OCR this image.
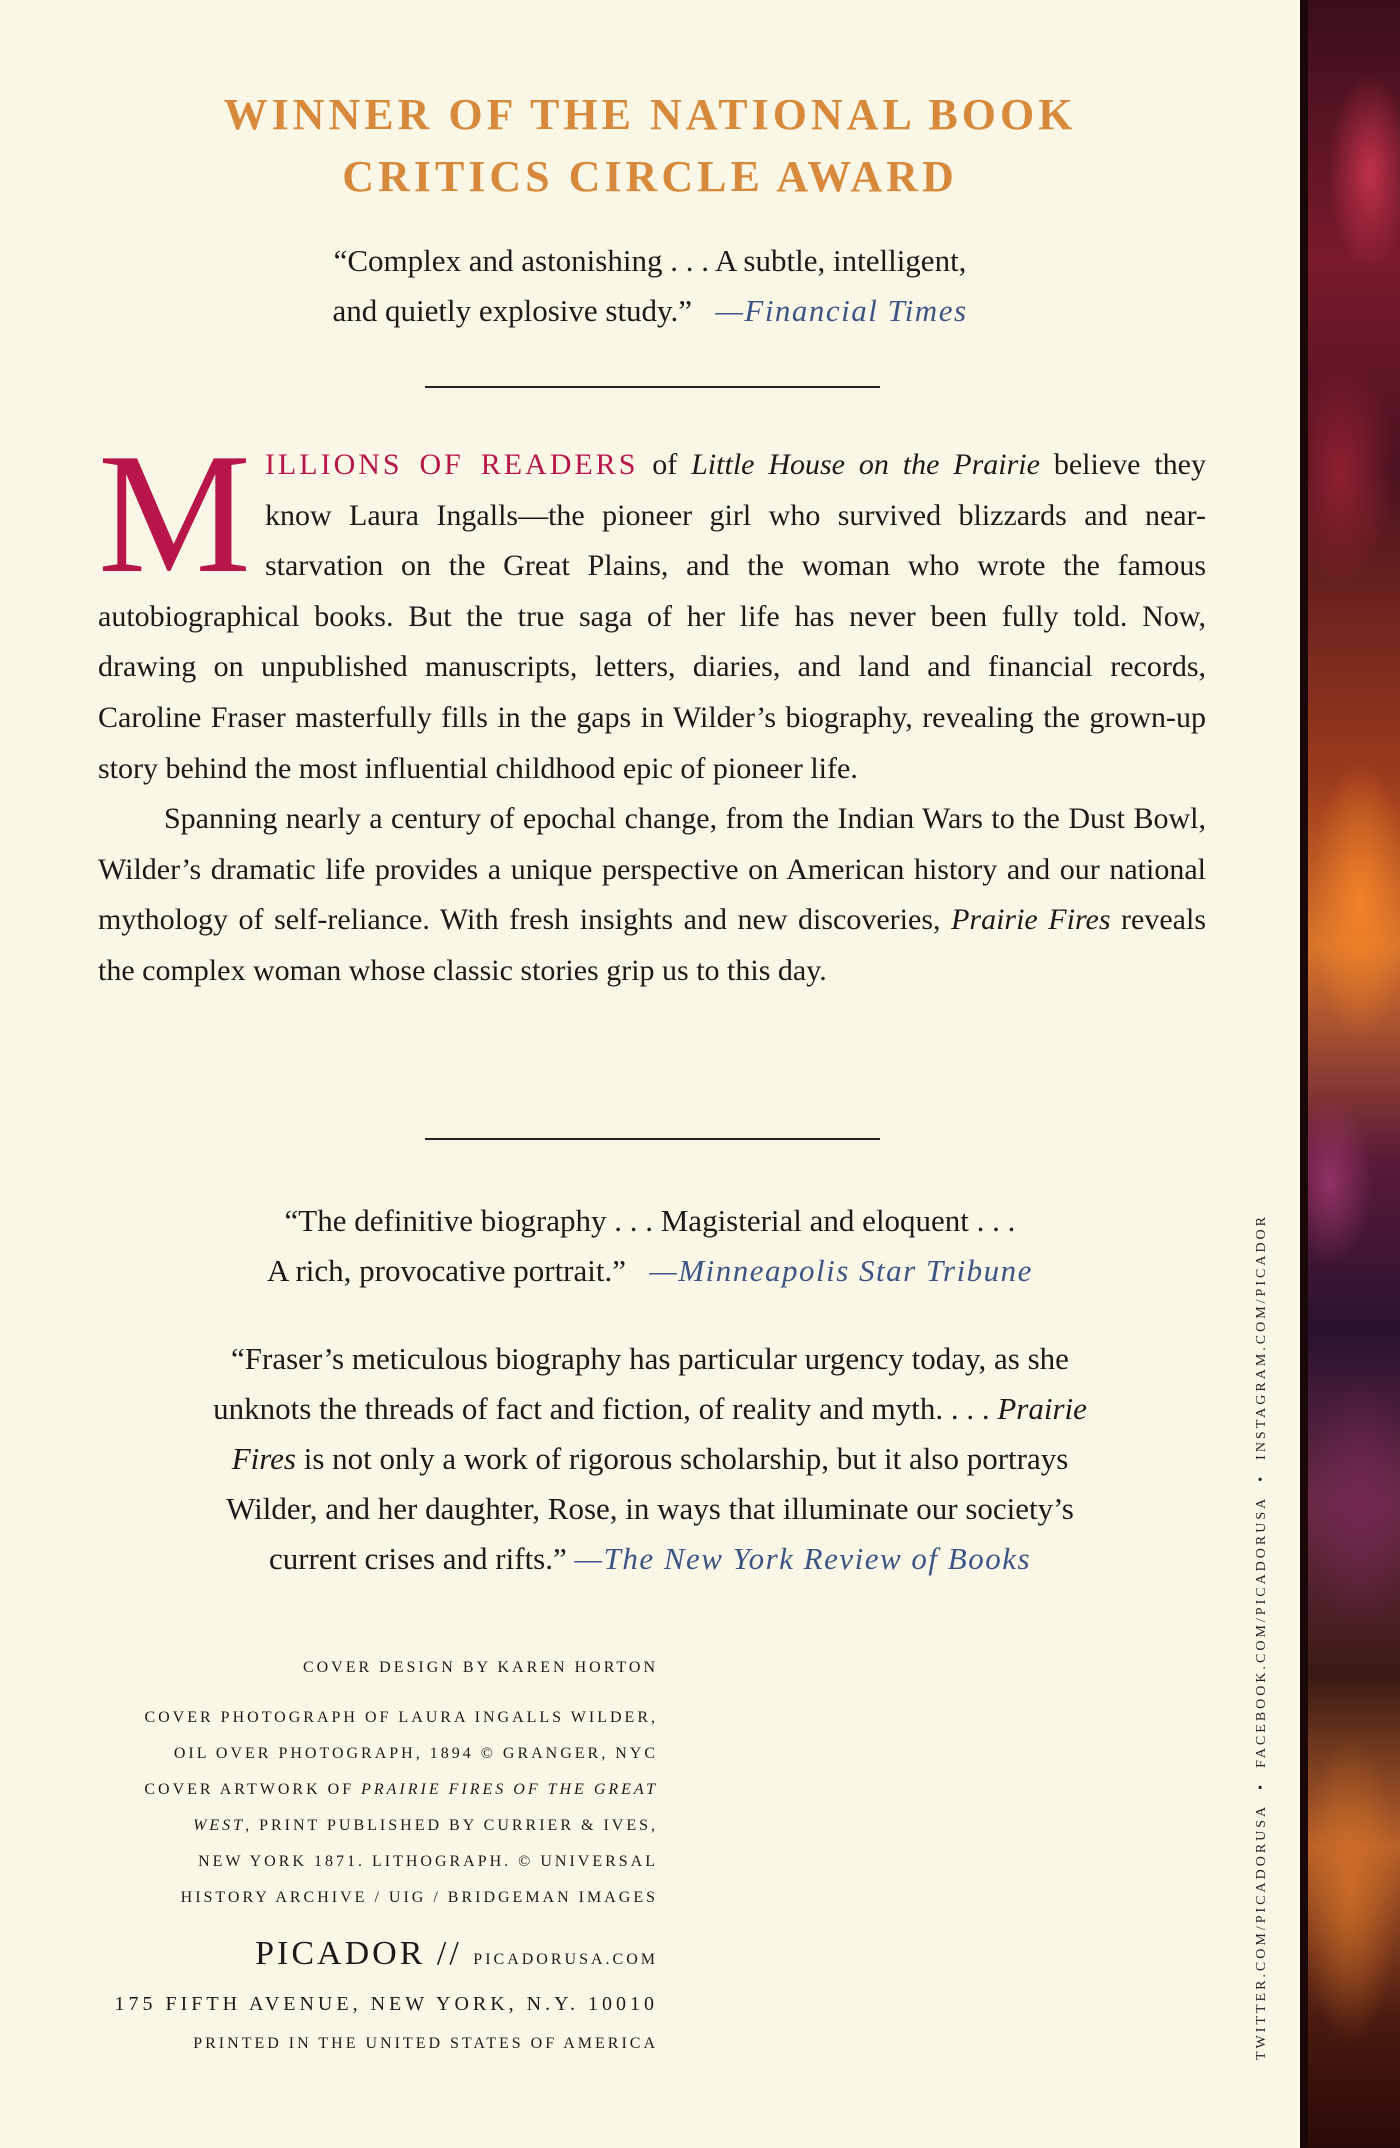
WINNER OF THE NATIONAL BOOK
CRITICS CIRCLE AWARD
“Complex and astonishing . . . A subtle, intelligent,
and quietly explosive study.” —Financial Times

MILLIONS OF READERS of Little House on the Prairie believe they know Laura Ingalls—the pioneer girl who survived blizzards and near-starvation on the Great Plains, and the woman who wrote the famous autobiographical books. But the true saga of her life has never been fully told. Now, drawing on unpublished manuscripts, letters, diaries, and land and financial records, Caroline Fraser masterfully fills in the gaps in Wilder’s biography, revealing the grown-up story behind the most influential childhood epic of pioneer life.

Spanning nearly a century of epochal change, from the Indian Wars to the Dust Bowl, Wilder’s dramatic life provides a unique perspective on American history and our national mythology of self-reliance. With fresh insights and new discoveries, Prairie Fires reveals the complex woman whose classic stories grip us to this day.

“The definitive biography . . . Magisterial and eloquent . . .
A rich, provocative portrait.” —Minneapolis Star Tribune
“Fraser’s meticulous biography has particular urgency today, as she
unknots the threads of fact and fiction, of reality and myth. . . . Prairie
Fires is not only a work of rigorous scholarship, but it also portrays
Wilder, and her daughter, Rose, in ways that illuminate our society’s
current crises and rifts.” —The New York Review of Books
COVER DESIGN BY KAREN HORTON
COVER PHOTOGRAPH OF LAURA INGALLS WILDER,
OIL OVER PHOTOGRAPH, 1894 © GRANGER, NYC
COVER ARTWORK OF PRAIRIE FIRES OF THE GREAT
WEST, PRINT PUBLISHED BY CURRIER & IVES,
NEW YORK 1871. LITHOGRAPH. © UNIVERSAL
HISTORY ARCHIVE / UIG / BRIDGEMAN IMAGES
PICADOR // PICADORUSA.COM
175 FIFTH AVENUE, NEW YORK, N.Y. 10010
PRINTED IN THE UNITED STATES OF AMERICA	TWITTER.COM/PICADORUSA•FACEBOOK.COM/PICADORUSA•INSTAGRAM.COM/PICADOR
